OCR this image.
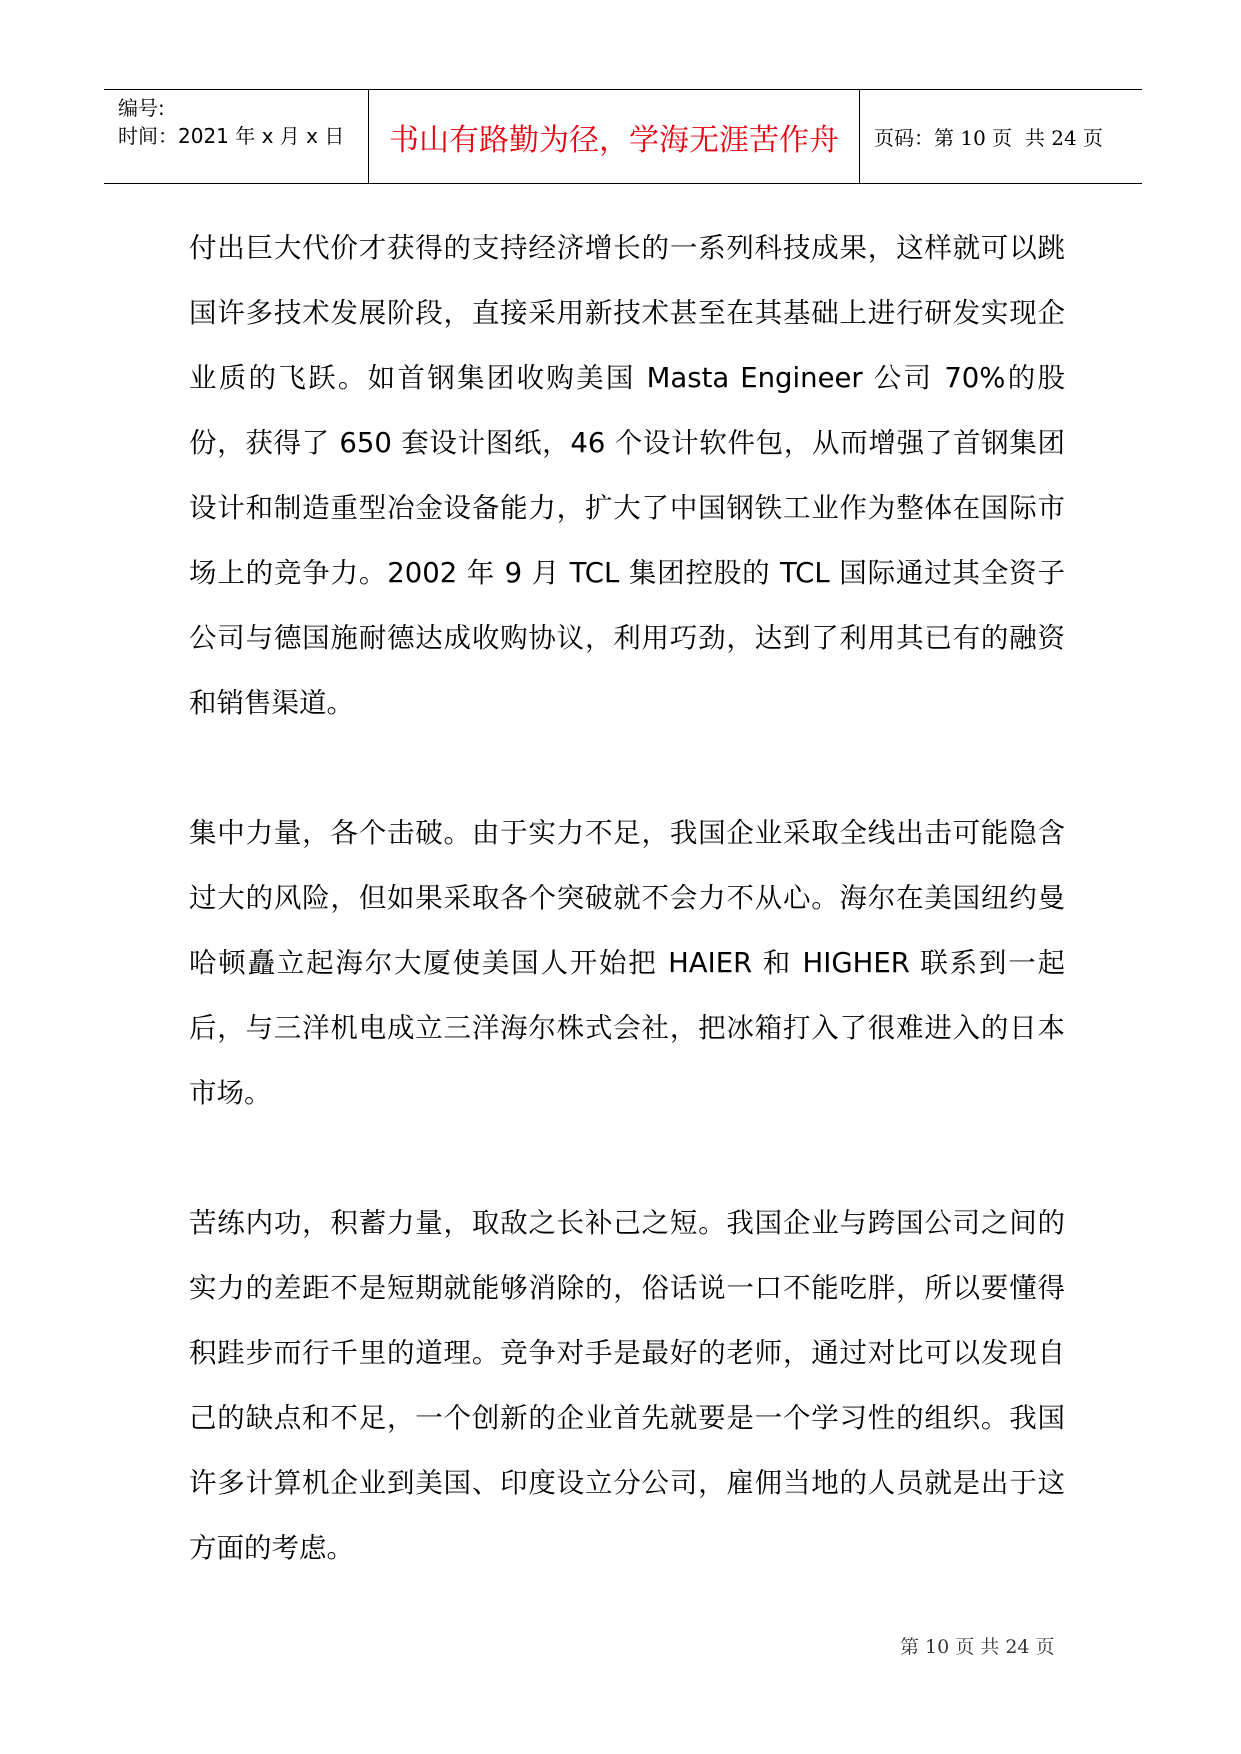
编号:
时间：2021 年 x 月 x 日	书山有路勤为径，学海无涯苦作舟	页码：第 10 页  共 24 页

付出巨大代价才获得的支持经济增长的一系列科技成果，这样就可以跳国许多技术发展阶段，直接采用新技术甚至在其基础上进行研发实现企业质的飞跃。如首钢集团收购美国 Masta Engineer 公司 70%的股份，获得了 650 套设计图纸，46 个设计软件包，从而增强了首钢集团设计和制造重型冶金设备能力，扩大了中国钢铁工业作为整体在国际市场上的竞争力。2002 年 9 月 TCL 集团控股的 TCL 国际通过其全资子公司与德国施耐德达成收购协议，利用巧劲，达到了利用其已有的融资和销售渠道。

集中力量，各个击破。由于实力不足，我国企业采取全线出击可能隐含过大的风险，但如果采取各个突破就不会力不从心。海尔在美国纽约曼哈顿矗立起海尔大厦使美国人开始把 HAIER 和 HIGHER 联系到一起后，与三洋机电成立三洋海尔株式会社，把冰箱打入了很难进入的日本市场。

苦练内功，积蓄力量，取敌之长补己之短。我国企业与跨国公司之间的实力的差距不是短期就能够消除的，俗话说一口不能吃胖，所以要懂得积跬步而行千里的道理。竞争对手是最好的老师，通过对比可以发现自己的缺点和不足，一个创新的企业首先就要是一个学习性的组织。我国许多计算机企业到美国、印度设立分公司，雇佣当地的人员就是出于这方面的考虑。

第 10 页 共 24 页
